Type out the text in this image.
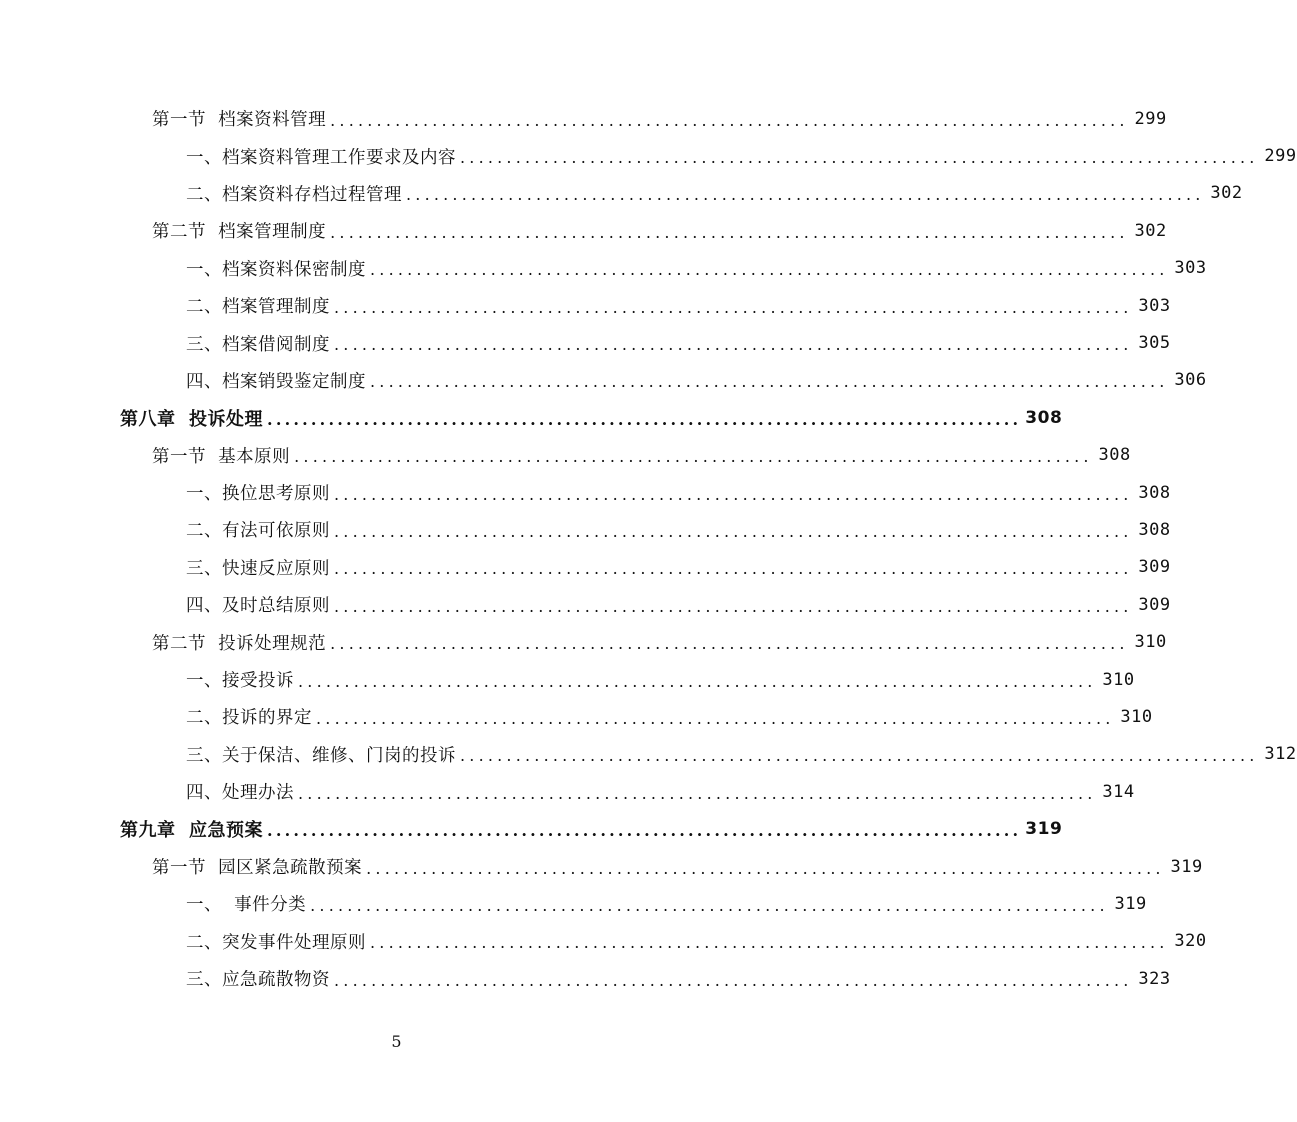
第一节  档案资料管理 ...................................................................................... 299
一、档案资料管理工作要求及内容 ...................................................................................... 299
二、档案资料存档过程管理 ...................................................................................... 302
第二节  档案管理制度 ...................................................................................... 302
一、档案资料保密制度 ...................................................................................... 303
二、档案管理制度 ...................................................................................... 303
三、档案借阅制度 ...................................................................................... 305
四、档案销毁鉴定制度 ...................................................................................... 306
第八章  投诉处理 ...................................................................................... 308
第一节  基本原则 ...................................................................................... 308
一、换位思考原则 ...................................................................................... 308
二、有法可依原则 ...................................................................................... 308
三、快速反应原则 ...................................................................................... 309
四、及时总结原则 ...................................................................................... 309
第二节  投诉处理规范 ...................................................................................... 310
一、接受投诉 ...................................................................................... 310
二、投诉的界定 ...................................................................................... 310
三、关于保洁、维修、门岗的投诉 ...................................................................................... 312
四、处理办法 ...................................................................................... 314
第九章  应急预案 ...................................................................................... 319
第一节  园区紧急疏散预案 ...................................................................................... 319
一、  事件分类 ...................................................................................... 319
二、突发事件处理原则 ...................................................................................... 320
三、应急疏散物资 ...................................................................................... 323
5
